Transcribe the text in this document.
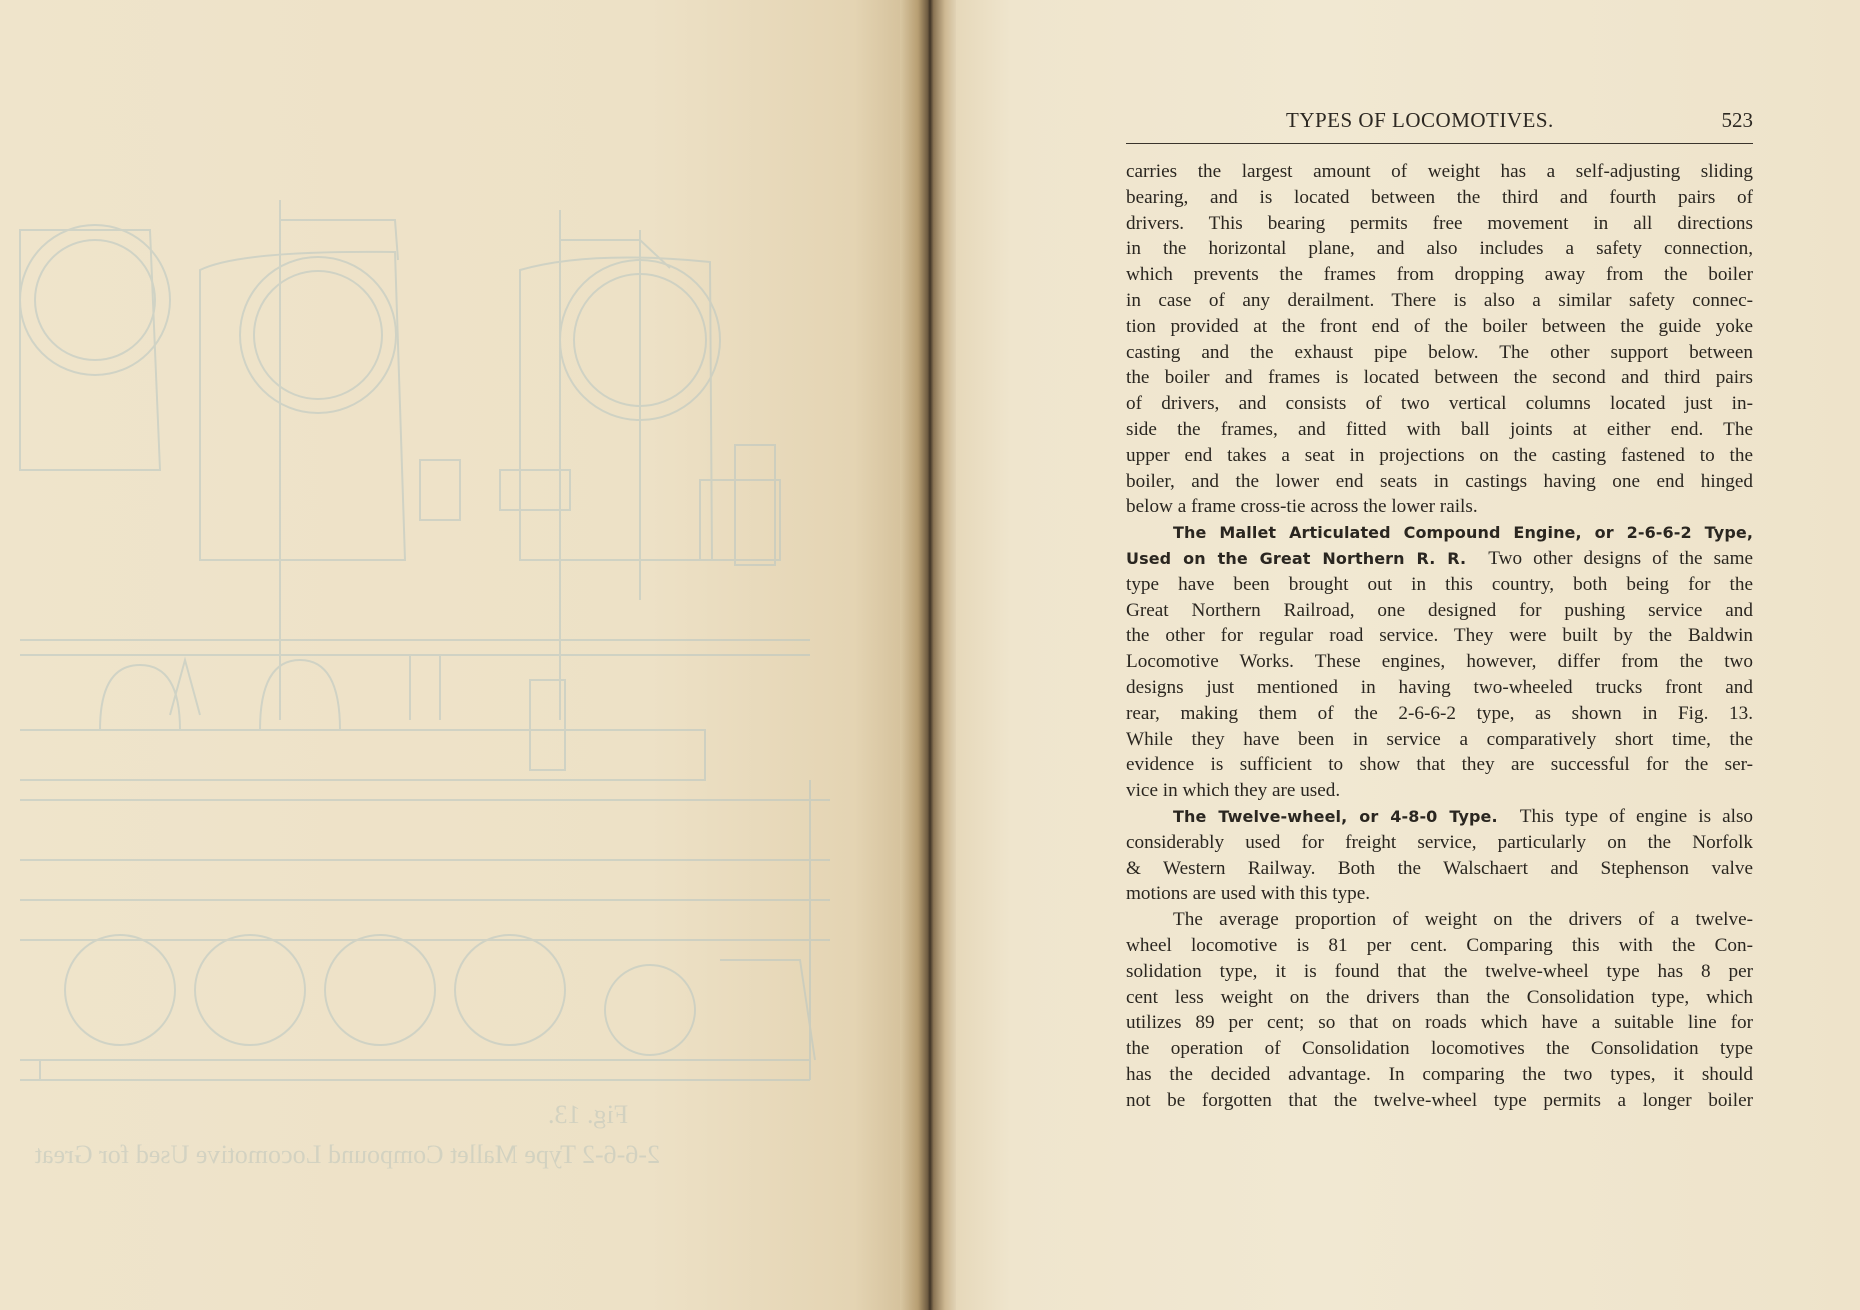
Fig. 13.
2-6-6-2 Type Mallet Compound Locomotive Used for Great
TYPES OF LOCOMOTIVES.	523
carries the largest amount of weight has a self-adjusting sliding
bearing, and is located between the third and fourth pairs of
drivers. This bearing permits free movement in all directions
in the horizontal plane, and also includes a safety connection,
which prevents the frames from dropping away from the boiler
in case of any derailment. There is also a similar safety connec-
tion provided at the front end of the boiler between the guide yoke
casting and the exhaust pipe below. The other support between
the boiler and frames is located between the second and third pairs
of drivers, and consists of two vertical columns located just in-
side the frames, and fitted with ball joints at either end. The
upper end takes a seat in projections on the casting fastened to the
boiler, and the lower end seats in castings having one end hinged
below a frame cross-tie across the lower rails.
The Mallet Articulated Compound Engine, or 2-6-6-2 Type,
Used on the Great Northern R. R. Two other designs of the same
type have been brought out in this country, both being for the
Great Northern Railroad, one designed for pushing service and
the other for regular road service. They were built by the Baldwin
Locomotive Works. These engines, however, differ from the two
designs just mentioned in having two-wheeled trucks front and
rear, making them of the 2-6-6-2 type, as shown in Fig. 13.
While they have been in service a comparatively short time, the
evidence is sufficient to show that they are successful for the ser-
vice in which they are used.
The Twelve-wheel, or 4-8-0 Type. This type of engine is also
considerably used for freight service, particularly on the Norfolk
& Western Railway. Both the Walschaert and Stephenson valve
motions are used with this type.
The average proportion of weight on the drivers of a twelve-
wheel locomotive is 81 per cent. Comparing this with the Con-
solidation type, it is found that the twelve-wheel type has 8 per
cent less weight on the drivers than the Consolidation type, which
utilizes 89 per cent; so that on roads which have a suitable line for
the operation of Consolidation locomotives the Consolidation type
has the decided advantage. In comparing the two types, it should
not be forgotten that the twelve-wheel type permits a longer boiler
